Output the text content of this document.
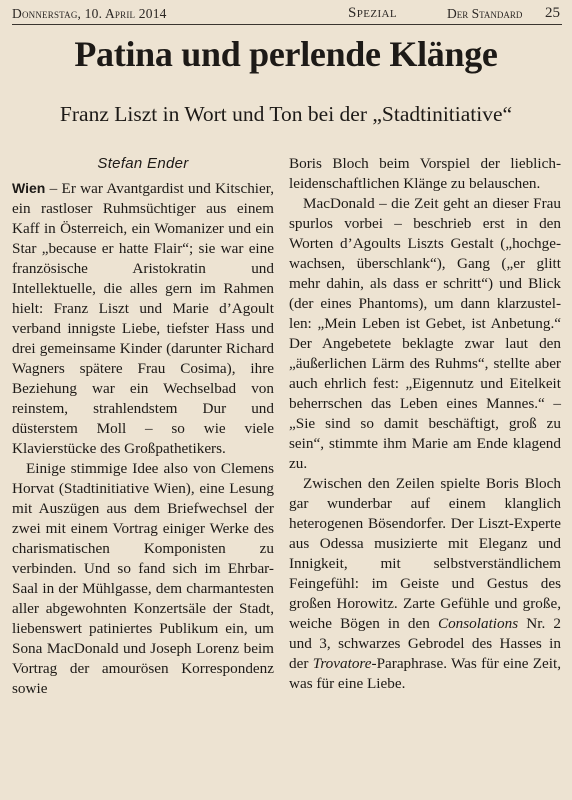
Donnerstag, 10. April 2014	Spezial	Der Standard 25
Patina und perlende Klänge
Franz Liszt in Wort und Ton bei der „Stadtinitiative“
Stefan Ender

Wien – Er war Avantgardist und Kitschier, ein rastloser Ruhmsüchtiger aus einem Kaff in Österreich, ein Womanizer und ein Star „because er hatte Flair“; sie war eine französische Aristokratin und Intellektuelle, die alles gern im Rahmen hielt: Franz Liszt und Marie d’Agoult verband innigste Liebe, tiefster Hass und drei gemeinsame Kinder (darunter Richard Wagners spätere Frau Cosima), ihre Beziehung war ein Wechselbad von reinstem, strahlendstem Dur und düsterstem Moll – so wie viele Klavierstücke des Großpathetikers.

Einige stimmige Idee also von Clemens Horvat (Stadtinitiative Wien), eine Lesung mit Auszügen aus dem Briefwechsel der zwei mit einem Vortrag einiger Werke des charismatischen Komponisten zu verbinden. Und so fand sich im Ehrbar-Saal in der Mühlgasse, dem charmantesten aller abgewohnten Konzertsäle der Stadt, liebenswert patiniertes Publikum ein, um Sona MacDonald und Joseph Lorenz beim Vortrag der amourösen Korrespondenz sowie

Boris Bloch beim Vorspiel der lieblich-leidenschaftlichen Klänge zu belauschen.

MacDonald – die Zeit geht an dieser Frau spurlos vorbei – beschrieb erst in den Worten d’Agoults Liszts Gestalt („hochgewachsen, überschlank“), Gang („er glitt mehr dahin, als dass er schritt“) und Blick (der eines Phantoms), um dann klarzustellen: „Mein Leben ist Gebet, ist Anbetung.“ Der Angebetete beklagte zwar laut den „äußerlichen Lärm des Ruhms“, stellte aber auch ehrlich fest: „Eigennutz und Eitelkeit beherrschen das Leben eines Mannes.“ – „Sie sind so damit beschäftigt, groß zu sein“, stimmte ihm Marie am Ende klagend zu.

Zwischen den Zeilen spielte Boris Bloch gar wunderbar auf einem klanglich heterogenen Bösendorfer. Der Liszt-Experte aus Odessa musizierte mit Eleganz und Innigkeit, mit selbstverständlichem Feingefühl: im Geiste und Gestus des großen Horowitz. Zarte Gefühle und große, weiche Bögen in den Consolations Nr. 2 und 3, schwarzes Gebrodel des Hasses in der Trovatore-Paraphrase. Was für eine Zeit, was für eine Liebe.
